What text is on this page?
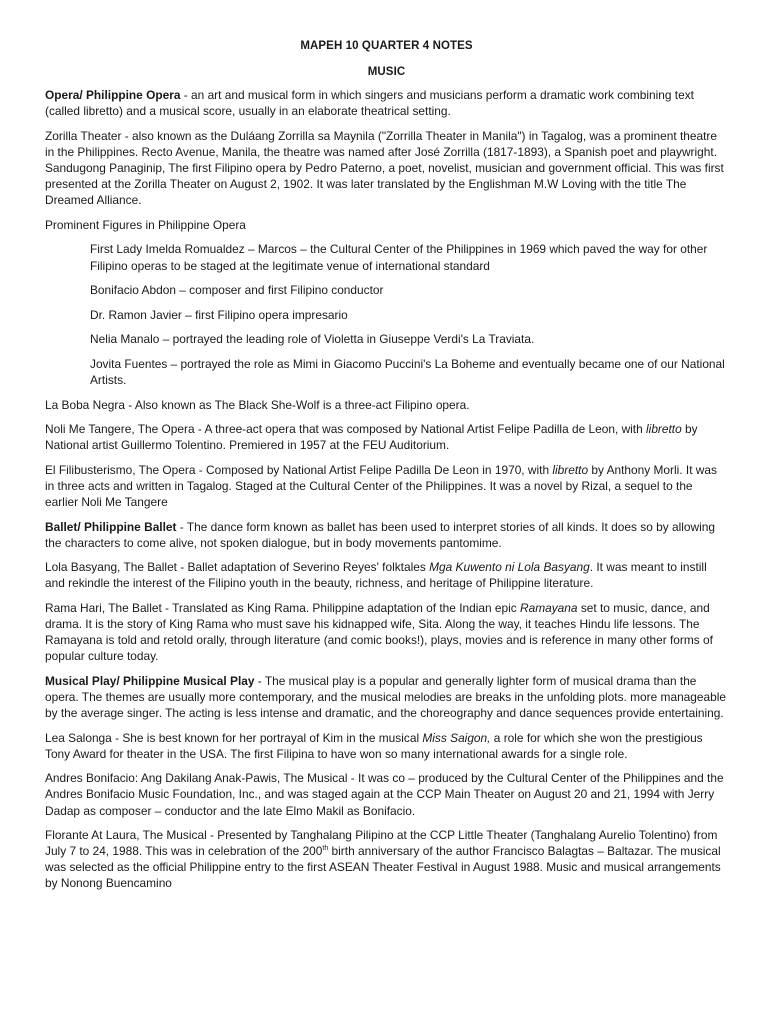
MAPEH 10 QUARTER 4 NOTES
MUSIC

Opera/ Philippine Opera - an art and musical form in which singers and musicians perform a dramatic work combining text (called libretto) and a musical score, usually in an elaborate theatrical setting.

Zorilla Theater - also known as the Duláang Zorrilla sa Maynila ("Zorrilla Theater in Manila") in Tagalog, was a prominent theatre in the Philippines. Recto Avenue, Manila, the theatre was named after José Zorrilla (1817-1893), a Spanish poet and playwright. Sandugong Panaginip, The first Filipino opera by Pedro Paterno, a poet, novelist, musician and government official. This was first presented at the Zorilla Theater on August 2, 1902. It was later translated by the Englishman M.W Loving with the title The Dreamed Alliance.

Prominent Figures in Philippine Opera

First Lady Imelda Romualdez – Marcos – the Cultural Center of the Philippines in 1969 which paved the way for other Filipino operas to be staged at the legitimate venue of international standard

Bonifacio Abdon – composer and first Filipino conductor

Dr. Ramon Javier – first Filipino opera impresario

Nelia Manalo – portrayed the leading role of Violetta in Giuseppe Verdi's La Traviata.

Jovita Fuentes – portrayed the role as Mimi in Giacomo Puccini's La Boheme and eventually became one of our National Artists.

La Boba Negra - Also known as The Black She-Wolf is a three-act Filipino opera.

Noli Me Tangere, The Opera - A three-act opera that was composed by National Artist Felipe Padilla de Leon, with libretto by National artist Guillermo Tolentino. Premiered in 1957 at the FEU Auditorium.

El Filibusterismo, The Opera - Composed by National Artist Felipe Padilla De Leon in 1970, with libretto by Anthony Morli. It was in three acts and written in Tagalog. Staged at the Cultural Center of the Philippines. It was a novel by Rizal, a sequel to the earlier Noli Me Tangere

Ballet/ Philippine Ballet - The dance form known as ballet has been used to interpret stories of all kinds. It does so by allowing the characters to come alive, not spoken dialogue, but in body movements pantomime.

Lola Basyang, The Ballet - Ballet adaptation of Severino Reyes' folktales Mga Kuwento ni Lola Basyang. It was meant to instill and rekindle the interest of the Filipino youth in the beauty, richness, and heritage of Philippine literature.

Rama Hari, The Ballet - Translated as King Rama. Philippine adaptation of the Indian epic Ramayana set to music, dance, and drama. It is the story of King Rama who must save his kidnapped wife, Sita. Along the way, it teaches Hindu life lessons. The Ramayana is told and retold orally, through literature (and comic books!), plays, movies and is reference in many other forms of popular culture today.

Musical Play/ Philippine Musical Play - The musical play is a popular and generally lighter form of musical drama than the opera. The themes are usually more contemporary, and the musical melodies are breaks in the unfolding plots. more manageable by the average singer. The acting is less intense and dramatic, and the choreography and dance sequences provide entertaining.

Lea Salonga - She is best known for her portrayal of Kim in the musical Miss Saigon, a role for which she won the prestigious Tony Award for theater in the USA. The first Filipina to have won so many international awards for a single role.

Andres Bonifacio: Ang Dakilang Anak-Pawis, The Musical - It was co – produced by the Cultural Center of the Philippines and the Andres Bonifacio Music Foundation, Inc., and was staged again at the CCP Main Theater on August 20 and 21, 1994 with Jerry Dadap as composer – conductor and the late Elmo Makil as Bonifacio.

Florante At Laura, The Musical - Presented by Tanghalang Pilipino at the CCP Little Theater (Tanghalang Aurelio Tolentino) from July 7 to 24, 1988. This was in celebration of the 200th birth anniversary of the author Francisco Balagtas – Baltazar. The musical was selected as the official Philippine entry to the first ASEAN Theater Festival in August 1988. Music and musical arrangements by Nonong Buencamino
